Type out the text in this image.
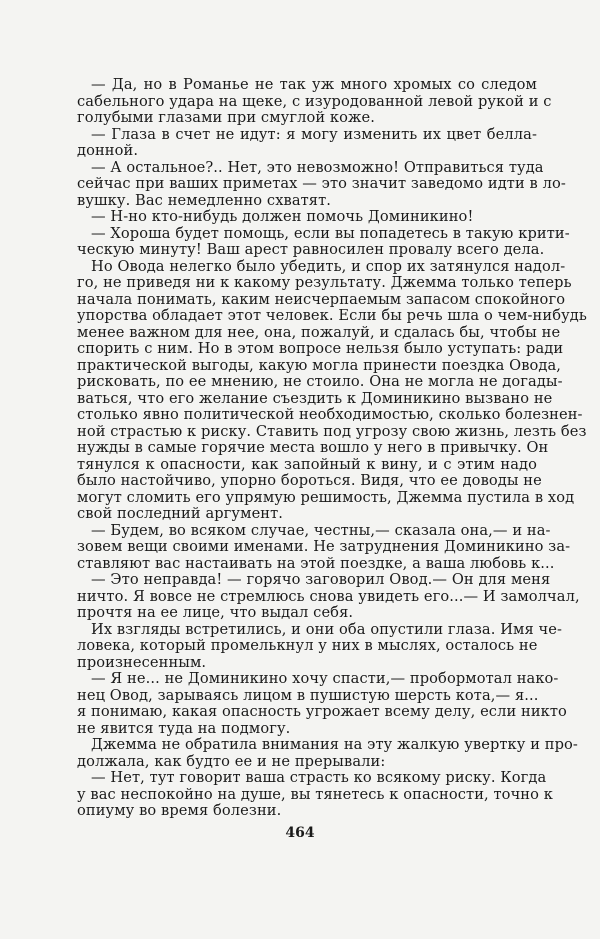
— Да, но в Романье не так уж много хромых со следом
сабельного удара на щеке, с изуродованной левой рукой и с
голубыми глазами при смуглой коже.
— Глаза в счет не идут: я могу изменить их цвет белла-
донной.
— А остальное?.. Нет, это невозможно! Отправиться туда
сейчас при ваших приметах — это значит заведомо идти в ло-
вушку. Вас немедленно схватят.
— Н-но кто-нибудь должен помочь Доминикино!
— Хороша будет помощь, если вы попадетесь в такую крити-
ческую минуту! Ваш арест равносилен провалу всего дела.
Но Овода нелегко было убедить, и спор их затянулся надол-
го, не приведя ни к какому результату. Джемма только теперь
начала понимать, каким неисчерпаемым запасом спокойного
упорства обладает этот человек. Если бы речь шла о чем-нибудь
менее важном для нее, она, пожалуй, и сдалась бы, чтобы не
спорить с ним. Но в этом вопросе нельзя было уступать: ради
практической выгоды, какую могла принести поездка Овода,
рисковать, по ее мнению, не стоило. Она не могла не догады-
ваться, что его желание съездить к Доминикино вызвано не
столько явно политической необходимостью, сколько болезнен-
ной страстью к риску. Ставить под угрозу свою жизнь, лезть без
нужды в самые горячие места вошло у него в привычку. Он
тянулся к опасности, как запойный к вину, и с этим надо
было настойчиво, упорно бороться. Видя, что ее доводы не
могут сломить его упрямую решимость, Джемма пустила в ход
свой последний аргумент.
— Будем, во всяком случае, честны,— сказала она,— и на-
зовем вещи своими именами. Не затруднения Доминикино за-
ставляют вас настаивать на этой поездке, а ваша любовь к...
— Это неправда! — горячо заговорил Овод.— Он для меня
ничто. Я вовсе не стремлюсь снова увидеть его...— И замолчал,
прочтя на ее лице, что выдал себя.
Их взгляды встретились, и они оба опустили глаза. Имя че-
ловека, который промелькнул у них в мыслях, осталось не
произнесенным.
— Я не... не Доминикино хочу спасти,— пробормотал нако-
нец Овод, зарываясь лицом в пушистую шерсть кота,— я...
я понимаю, какая опасность угрожает всему делу, если никто
не явится туда на подмогу.
Джемма не обратила внимания на эту жалкую увертку и про-
должала, как будто ее и не прерывали:
— Нет, тут говорит ваша страсть ко всякому риску. Когда
у вас неспокойно на душе, вы тянетесь к опасности, точно к
опиуму во время болезни.
464
